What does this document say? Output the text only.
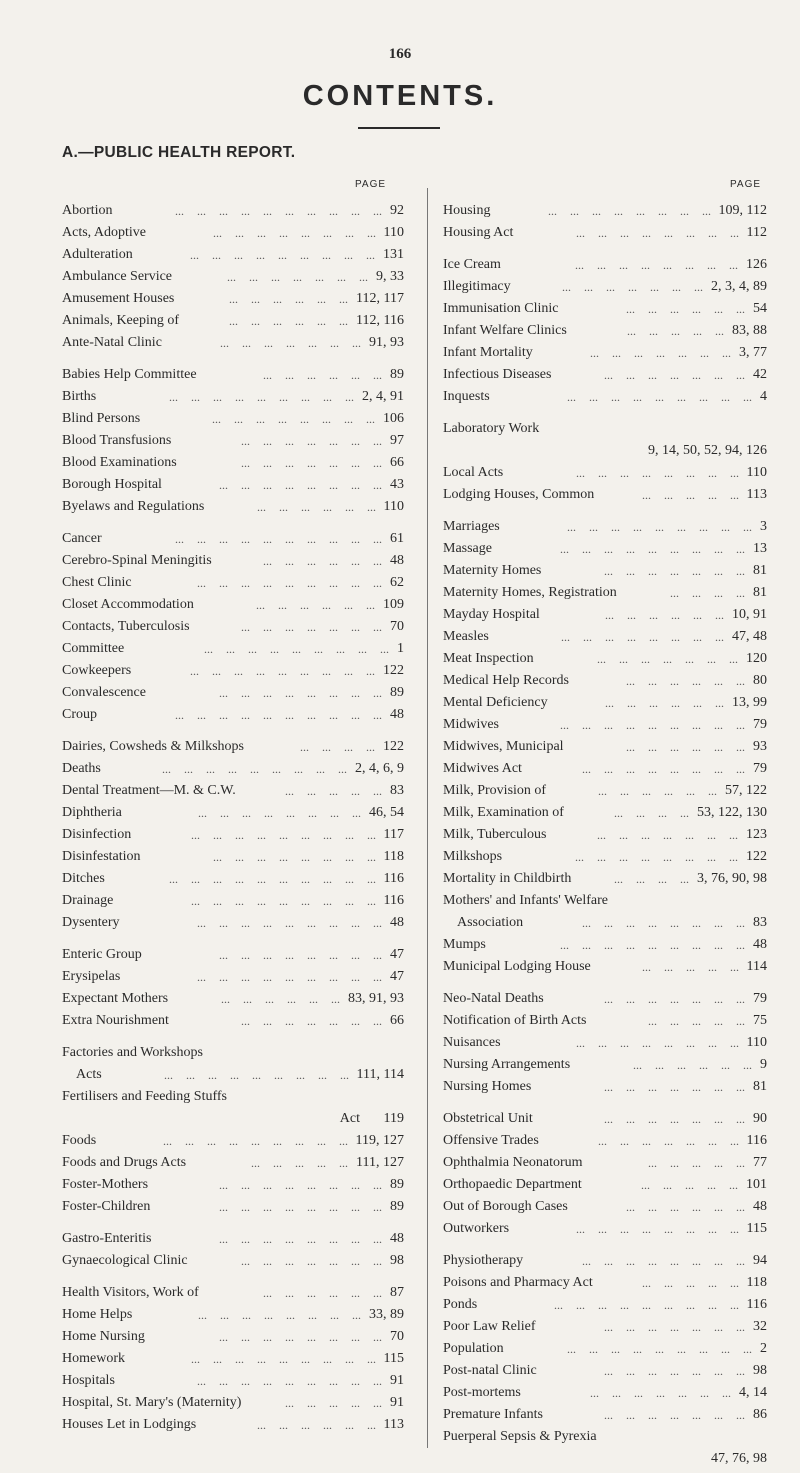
166
CONTENTS.
A.—PUBLIC HEALTH REPORT.
PAGE	PAGE
... ... ... ... ... ... ... ... ... ...
Abortion	92
... ... ... ... ... ... ... ...
Acts, Adoptive	110
... ... ... ... ... ... ... ... ...
Adulteration	131
... ... ... ... ... ... ...
Ambulance Service	9, 33
... ... ... ... ... ...
Amusement Houses	112, 117
... ... ... ... ... ...
Animals, Keeping of	112, 116
... ... ... ... ... ... ...
Ante-Natal Clinic	91, 93
... ... ... ... ... ...
Babies Help Committee	89
... ... ... ... ... ... ... ... ...
Births	2, 4, 91
... ... ... ... ... ... ... ...
Blind Persons	106
... ... ... ... ... ... ...
Blood Transfusions	97
... ... ... ... ... ... ...
Blood Examinations	66
... ... ... ... ... ... ... ...
Borough Hospital	43
... ... ... ... ... ...
Byelaws and Regulations	110
... ... ... ... ... ... ... ... ... ...
Cancer	61
... ... ... ... ... ...
Cerebro-Spinal Meningitis	48
... ... ... ... ... ... ... ... ...
Chest Clinic	62
... ... ... ... ... ...
Closet Accommodation	109
... ... ... ... ... ... ...
Contacts, Tuberculosis	70
... ... ... ... ... ... ... ... ...
Committee	1
... ... ... ... ... ... ... ... ...
Cowkeepers	122
... ... ... ... ... ... ... ...
Convalescence	89
... ... ... ... ... ... ... ... ... ...
Croup	48
... ... ... ...
Dairies, Cowsheds & Milkshops	122
... ... ... ... ... ... ... ... ...
Deaths	2, 4, 6, 9
... ... ... ... ...
Dental Treatment—M. & C.W.	83
... ... ... ... ... ... ... ...
Diphtheria	46, 54
... ... ... ... ... ... ... ... ...
Disinfection	117
... ... ... ... ... ... ... ...
Disinfestation	118
... ... ... ... ... ... ... ... ... ...
Ditches	116
... ... ... ... ... ... ... ... ...
Drainage	116
... ... ... ... ... ... ... ... ...
Dysentery	48
... ... ... ... ... ... ... ...
Enteric Group	47
... ... ... ... ... ... ... ... ...
Erysipelas	47
... ... ... ... ... ...
Expectant Mothers	83, 91, 93
... ... ... ... ... ... ...
Extra Nourishment	66
Factories and Workshops
... ... ... ... ... ... ... ... ...
Acts	111, 114
Fertilisers and Feeding Stuffs
Act 119
... ... ... ... ... ... ... ... ...
Foods	119, 127
... ... ... ... ...
Foods and Drugs Acts	111, 127
... ... ... ... ... ... ... ...
Foster-Mothers	89
... ... ... ... ... ... ... ...
Foster-Children	89
... ... ... ... ... ... ... ...
Gastro-Enteritis	48
... ... ... ... ... ... ...
Gynaecological Clinic	98
... ... ... ... ... ...
Health Visitors, Work of	87
... ... ... ... ... ... ... ...
Home Helps	33, 89
... ... ... ... ... ... ... ...
Home Nursing	70
... ... ... ... ... ... ... ... ...
Homework	115
... ... ... ... ... ... ... ... ...
Hospitals	91
... ... ... ... ...
Hospital, St. Mary's (Maternity)	91
... ... ... ... ... ...
Houses Let in Lodgings	113
... ... ... ... ... ... ... ...
Housing	109, 112
... ... ... ... ... ... ... ...
Housing Act	112
... ... ... ... ... ... ... ...
Ice Cream	126
... ... ... ... ... ... ...
Illegitimacy	2, 3, 4, 89
... ... ... ... ... ...
Immunisation Clinic	54
... ... ... ... ...
Infant Welfare Clinics	83, 88
... ... ... ... ... ... ...
Infant Mortality	3, 77
... ... ... ... ... ... ...
Infectious Diseases	42
... ... ... ... ... ... ... ... ...
Inquests	4
Laboratory Work
9, 14, 50, 52, 94, 126
... ... ... ... ... ... ... ...
Local Acts	110
... ... ... ... ...
Lodging Houses, Common	113
... ... ... ... ... ... ... ... ...
Marriages	3
... ... ... ... ... ... ... ... ...
Massage	13
... ... ... ... ... ... ...
Maternity Homes	81
... ... ... ...
Maternity Homes, Registration	81
... ... ... ... ... ...
Mayday Hospital	10, 91
... ... ... ... ... ... ... ...
Measles	47, 48
... ... ... ... ... ... ...
Meat Inspection	120
... ... ... ... ... ...
Medical Help Records	80
... ... ... ... ... ...
Mental Deficiency	13, 99
... ... ... ... ... ... ... ... ...
Midwives	79
... ... ... ... ... ...
Midwives, Municipal	93
... ... ... ... ... ... ... ...
Midwives Act	79
... ... ... ... ... ...
Milk, Provision of	57, 122
... ... ... ...
Milk, Examination of	53, 122, 130
... ... ... ... ... ... ...
Milk, Tuberculous	123
... ... ... ... ... ... ... ...
Milkshops	122
... ... ... ...
Mortality in Childbirth	3, 76, 90, 98
Mothers' and Infants' Welfare
... ... ... ... ... ... ... ...
Association	83
... ... ... ... ... ... ... ... ...
Mumps	48
... ... ... ... ...
Municipal Lodging House	114
... ... ... ... ... ... ...
Neo-Natal Deaths	79
... ... ... ... ...
Notification of Birth Acts	75
... ... ... ... ... ... ... ...
Nuisances	110
... ... ... ... ... ...
Nursing Arrangements	9
... ... ... ... ... ... ...
Nursing Homes	81
... ... ... ... ... ... ...
Obstetrical Unit	90
... ... ... ... ... ... ...
Offensive Trades	116
... ... ... ... ...
Ophthalmia Neonatorum	77
... ... ... ... ...
Orthopaedic Department	101
... ... ... ... ... ...
Out of Borough Cases	48
... ... ... ... ... ... ... ...
Outworkers	115
... ... ... ... ... ... ... ...
Physiotherapy	94
... ... ... ... ...
Poisons and Pharmacy Act	118
... ... ... ... ... ... ... ... ...
Ponds	116
... ... ... ... ... ... ...
Poor Law Relief	32
... ... ... ... ... ... ... ... ...
Population	2
... ... ... ... ... ... ...
Post-natal Clinic	98
... ... ... ... ... ... ...
Post-mortems	4, 14
... ... ... ... ... ... ...
Premature Infants	86
Puerperal Sepsis & Pyrexia
47, 76, 98
